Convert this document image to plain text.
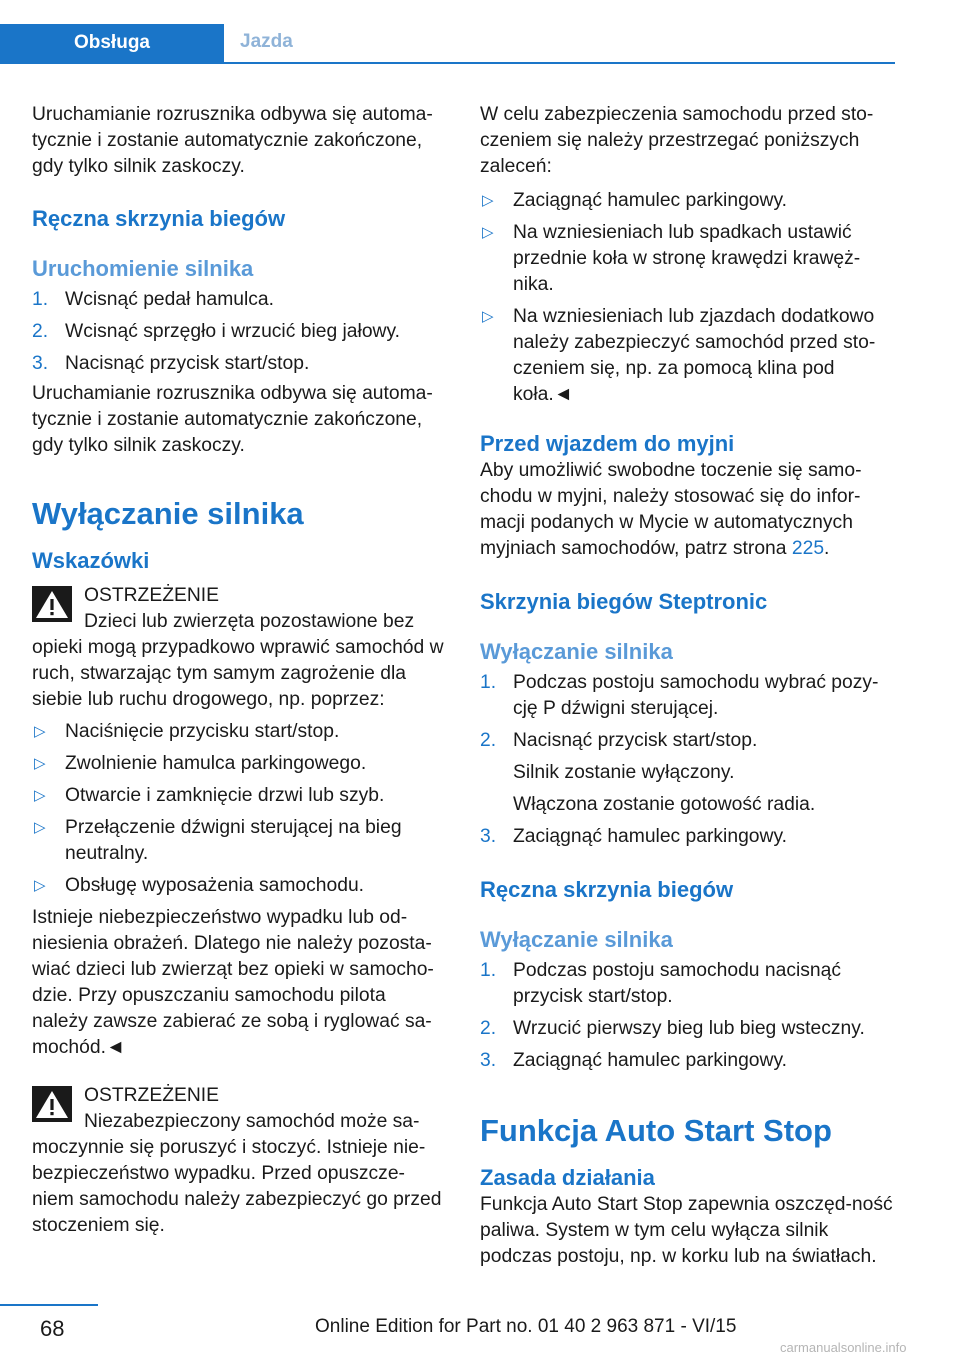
Obsługa	Jazda

Uruchamianie rozrusznika odbywa się automa‐tycznie i zostanie automatycznie zakończone, gdy tylko silnik zaskoczy.

Ręczna skrzynia biegów
Uruchomienie silnika
1. Wcisnąć pedał hamulca.
2. Wcisnąć sprzęgło i wrzucić bieg jałowy.
3. Nacisnąć przycisk start/stop.

Uruchamianie rozrusznika odbywa się automa‐tycznie i zostanie automatycznie zakończone, gdy tylko silnik zaskoczy.

Wyłączanie silnika
Wskazówki

OSTRZEŻENIE

Dzieci lub zwierzęta pozostawione bez

opieki mogą przypadkowo wprawić samochód w ruch, stwarzając tym samym zagrożenie dla siebie lub ruchu drogowego, np. poprzez:

▷ Naciśnięcie przycisku start/stop.
▷ Zwolnienie hamulca parkingowego.
▷ Otwarcie i zamknięcie drzwi lub szyb.
▷ Przełączenie dźwigni sterującej na bieg neutralny.
▷ Obsługę wyposażenia samochodu.

Istnieje niebezpieczeństwo wypadku lub od‐niesienia obrażeń. Dlatego nie należy pozosta‐wiać dzieci lub zwierząt bez opieki w samocho‐dzie. Przy opuszczaniu samochodu pilota należy zawsze zabierać ze sobą i ryglować sa‐mochód.◄

OSTRZEŻENIE

Niezabezpieczony samochód może sa‐

moczynnie się poruszyć i stoczyć. Istnieje nie‐bezpieczeństwo wypadku. Przed opuszcze‐niem samochodu należy zabezpieczyć go przed stoczeniem się.

W celu zabezpieczenia samochodu przed sto‐czeniem się należy przestrzegać poniższych zaleceń:

▷ Zaciągnąć hamulec parkingowy.
▷ Na wzniesieniach lub spadkach ustawić przednie koła w stronę krawędzi krawęż‐nika.
▷ Na wzniesieniach lub zjazdach dodatkowo należy zabezpieczyć samochód przed sto‐czeniem się, np. za pomocą klina pod koła.◄
Przed wjazdem do myjni

Aby umożliwić swobodne toczenie się samo‐chodu w myjni, należy stosować się do infor‐macji podanych w Mycie w automatycznych myjniach samochodów, patrz strona 225.

Skrzynia biegów Steptronic
Wyłączanie silnika
1. Podczas postoju samochodu wybrać pozy‐cję P dźwigni sterującej.
2. Nacisnąć przycisk start/stop.

Silnik zostanie wyłączony.

Włączona zostanie gotowość radia.

3. Zaciągnąć hamulec parkingowy.
Ręczna skrzynia biegów
Wyłączanie silnika
1. Podczas postoju samochodu nacisnąć przycisk start/stop.
2. Wrzucić pierwszy bieg lub bieg wsteczny.
3. Zaciągnąć hamulec parkingowy.
Funkcja Auto Start Stop
Zasada działania

Funkcja Auto Start Stop zapewnia oszczęd‐ność paliwa. System w tym celu wyłącza silnik podczas postoju, np. w korku lub na światłach.

68	Online Edition for Part no. 01 40 2 963 871 - VI/15
carmanualsonline.info
